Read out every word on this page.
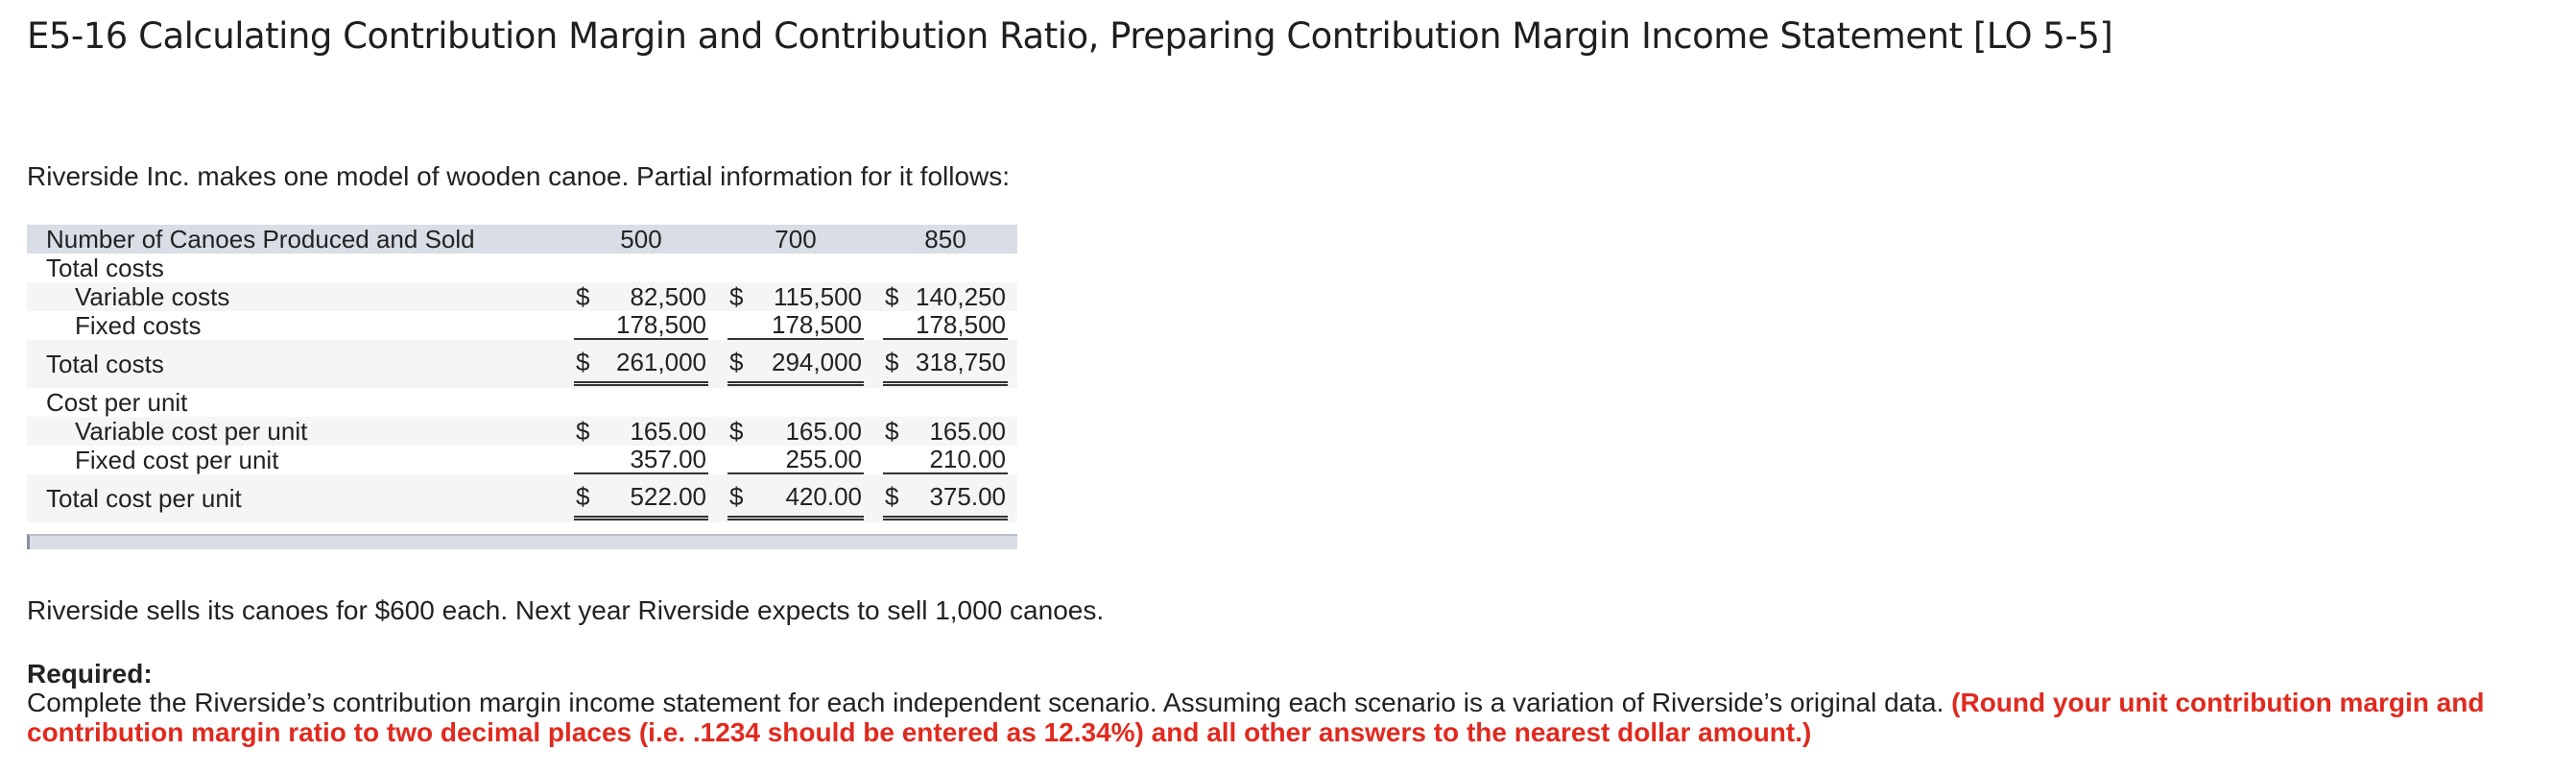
E5-16 Calculating Contribution Margin and Contribution Ratio, Preparing Contribution Margin Income Statement [LO 5-5]
Riverside Inc. makes one model of wooden canoe. Partial information for it follows:
Number of Canoes Produced and Sold	500	700	850
Total costs			
Variable costs	$ 82,500	$ 115,500	$ 140,250

Fixed costs	178,500	178,500	178,500

Total costs	$ 261,000	$ 294,000	$ 318,750

Cost per unit			
Variable cost per unit	$ 165.00	$ 165.00	$ 165.00

Fixed cost per unit	357.00	255.00	210.00

Total cost per unit	$ 522.00	$ 420.00	$ 375.00
Riverside sells its canoes for $600 each. Next year Riverside expects to sell 1,000 canoes.
Required:
Complete the Riverside’s contribution margin income statement for each independent scenario. Assuming each scenario is a variation of Riverside’s original data. (Round your unit contribution margin and contribution margin ratio to two decimal places (i.e. .1234 should be entered as 12.34%) and all other answers to the nearest dollar amount.)
